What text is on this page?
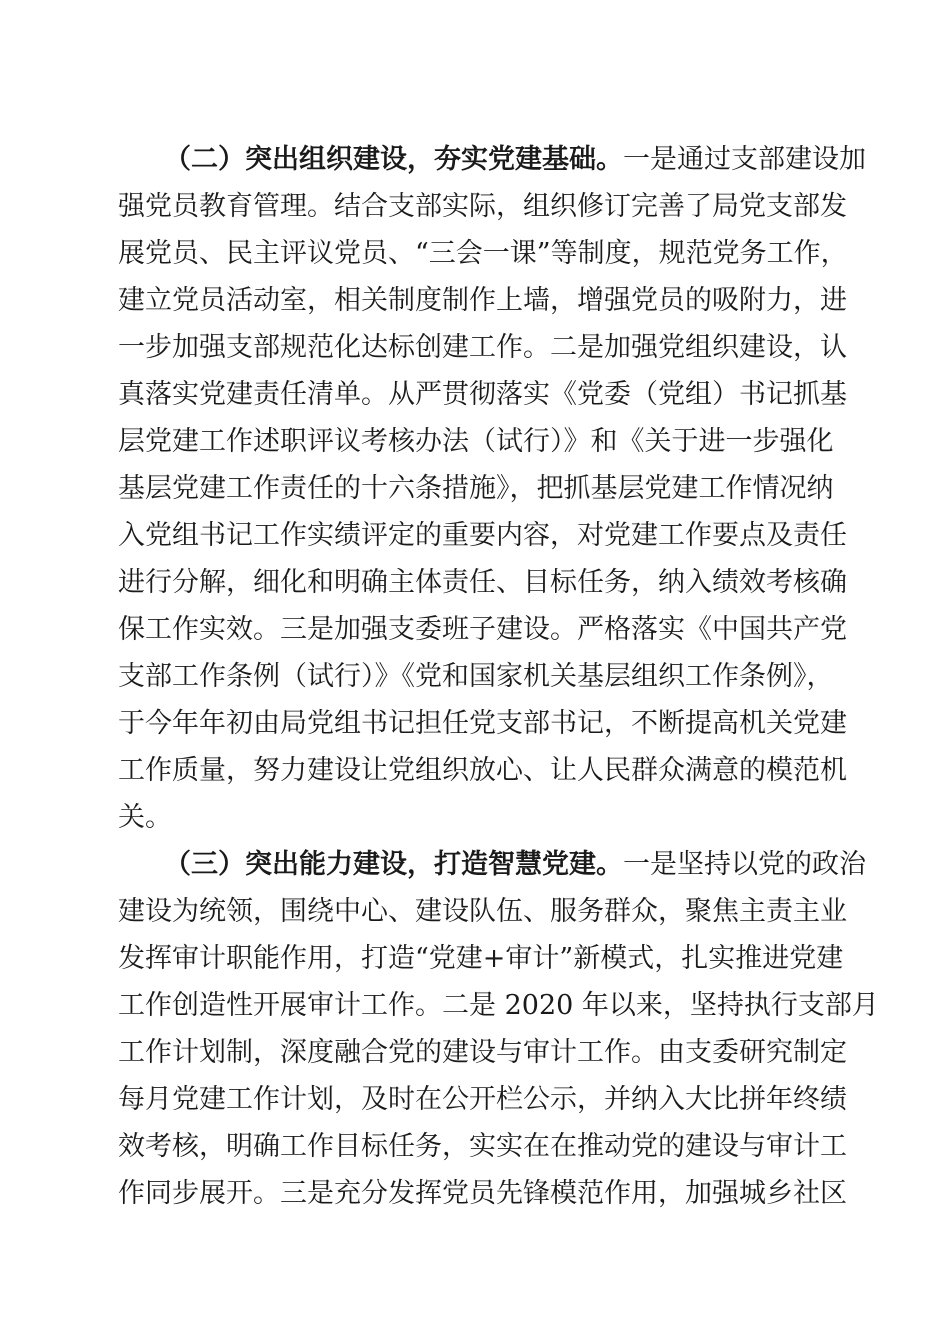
（二）突出组织建设，夯实党建基础。一是通过支部建设加
强党员教育管理。结合支部实际，组织修订完善了局党支部发
展党员、民主评议党员、“三会一课”等制度，规范党务工作，
建立党员活动室，相关制度制作上墙，增强党员的吸附力，进
一步加强支部规范化达标创建工作。二是加强党组织建设，认
真落实党建责任清单。从严贯彻落实《党委（党组）书记抓基
层党建工作述职评议考核办法（试行）》和《关于进一步强化
基层党建工作责任的十六条措施》，把抓基层党建工作情况纳
入党组书记工作实绩评定的重要内容，对党建工作要点及责任
进行分解，细化和明确主体责任、目标任务，纳入绩效考核确
保工作实效。三是加强支委班子建设。严格落实《中国共产党
支部工作条例（试行）》《党和国家机关基层组织工作条例》，
于今年年初由局党组书记担任党支部书记，不断提高机关党建
工作质量，努力建设让党组织放心、让人民群众满意的模范机
关。
（三）突出能力建设，打造智慧党建。一是坚持以党的政治
建设为统领，围绕中心、建设队伍、服务群众，聚焦主责主业
发挥审计职能作用，打造“党建+审计”新模式，扎实推进党建
工作创造性开展审计工作。二是 2020 年以来，坚持执行支部月
工作计划制，深度融合党的建设与审计工作。由支委研究制定
每月党建工作计划，及时在公开栏公示，并纳入大比拼年终绩
效考核，明确工作目标任务，实实在在推动党的建设与审计工
作同步展开。三是充分发挥党员先锋模范作用，加强城乡社区
